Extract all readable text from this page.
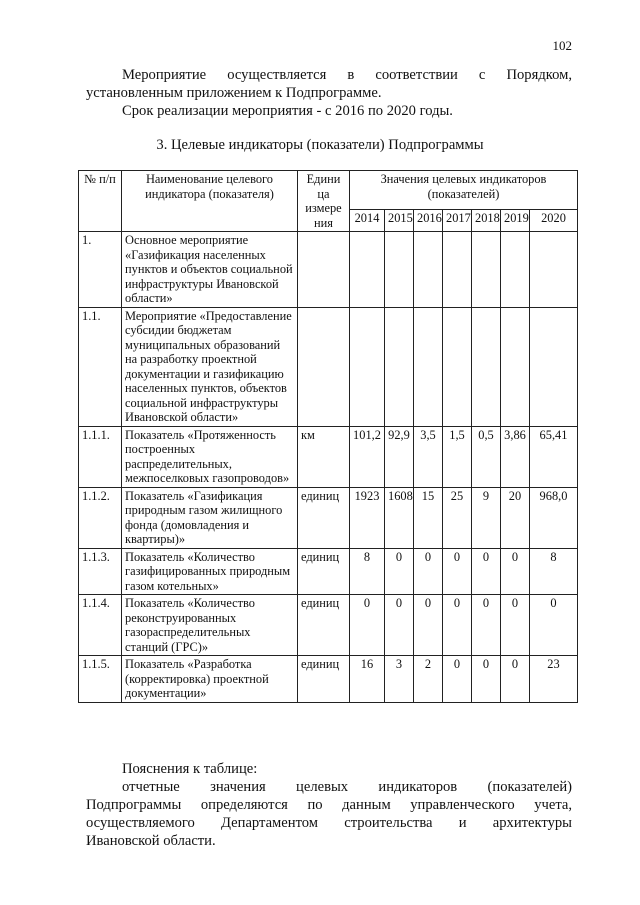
102
Мероприятие осуществляется в соответствии с Порядком,
установленным приложением к Подпрограмме.
Срок реализации мероприятия - с 2016 по 2020 годы.
3. Целевые индикаторы (показатели) Подпрограммы
№ п/п	Наименование целевого индикатора (показателя)	Едини ца измере ния	Значения целевых индикаторов (показателей)						
			2014	2015	2016	2017	2018	2019	2020
1.	Основное мероприятие «Газификация населенных пунктов и объектов социальной инфраструктуры Ивановской области»								
1.1.	Мероприятие «Предоставление субсидии бюджетам муниципальных образований на разработку проектной документации и газификацию населенных пунктов, объектов социальной инфраструктуры Ивановской области»								
1.1.1.	Показатель «Протяженность построенных распределительных, межпоселковых газопроводов»	км	101,2	92,9	3,5	1,5	0,5	3,86	65,41
1.1.2.	Показатель «Газификация природным газом жилищного фонда (домовладения и квартиры)»	единиц	1923	1608	15	25	9	20	968,0
1.1.3.	Показатель «Количество газифицированных природным газом котельных»	единиц	8	0	0	0	0	0	8
1.1.4.	Показатель «Количество реконструированных газораспределительных станций (ГРС)»	единиц	0	0	0	0	0	0	0
1.1.5.	Показатель «Разработка (корректировка) проектной документации»	единиц	16	3	2	0	0	0	23
Пояснения к таблице:
отчетные значения целевых индикаторов (показателей)
Подпрограммы определяются по данным управленческого учета,
осуществляемого Департаментом строительства и архитектуры
Ивановской области.
